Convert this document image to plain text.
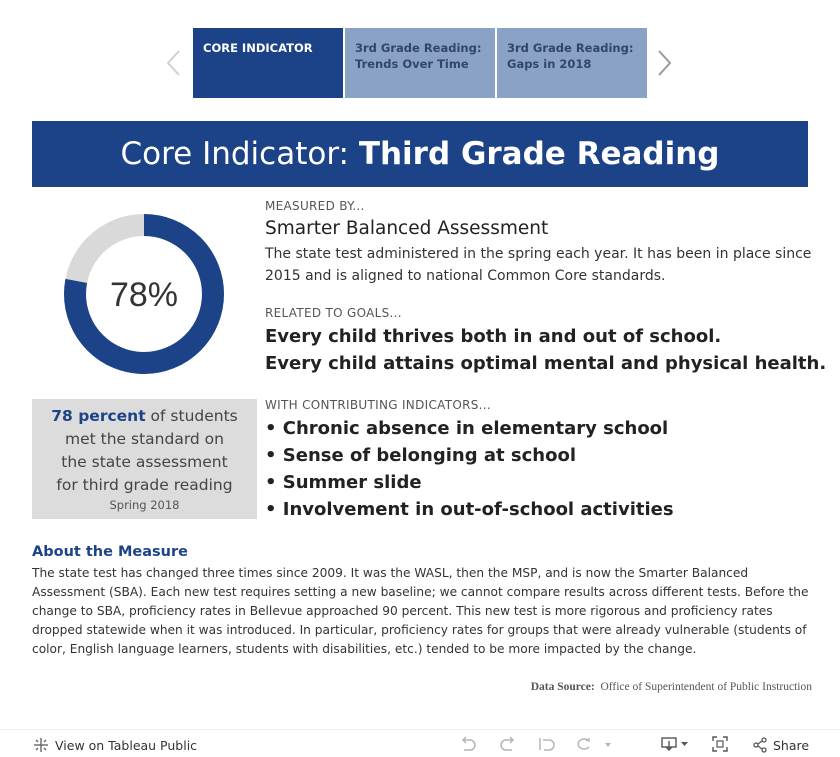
CORE INDICATOR	3rd Grade Reading:
Trends Over Time
3rd Grade Reading:
Gaps in 2018
Core Indicator: Third Grade Reading
78%
78 percent of students
met the standard on
the state assessment
for third grade reading
Spring 2018
MEASURED BY...
Smarter Balanced Assessment
The state test administered in the spring each year. It has been in place since 2015 and is aligned to national Common Core standards.
RELATED TO GOALS...
Every child thrives both in and out of school.
Every child attains optimal mental and physical health.
WITH CONTRIBUTING INDICATORS...
• Chronic absence in elementary school
• Sense of belonging at school
• Summer slide
• Involvement in out-of-school activities
About the Measure
The state test has changed three times since 2009. It was the WASL, then the MSP, and is now the Smarter Balanced Assessment (SBA). Each new test requires setting a new baseline; we cannot compare results across different tests. Before the change to SBA, proficiency rates in Bellevue approached 90 percent. This new test is more rigorous and proficiency rates dropped statewide when it was introduced. In particular, proficiency rates for groups that were already vulnerable (students of color, English language learners, students with disabilities, etc.) tended to be more impacted by the change.
Data Source: Office of Superintendent of Public Instruction
View on Tableau Public	Share
